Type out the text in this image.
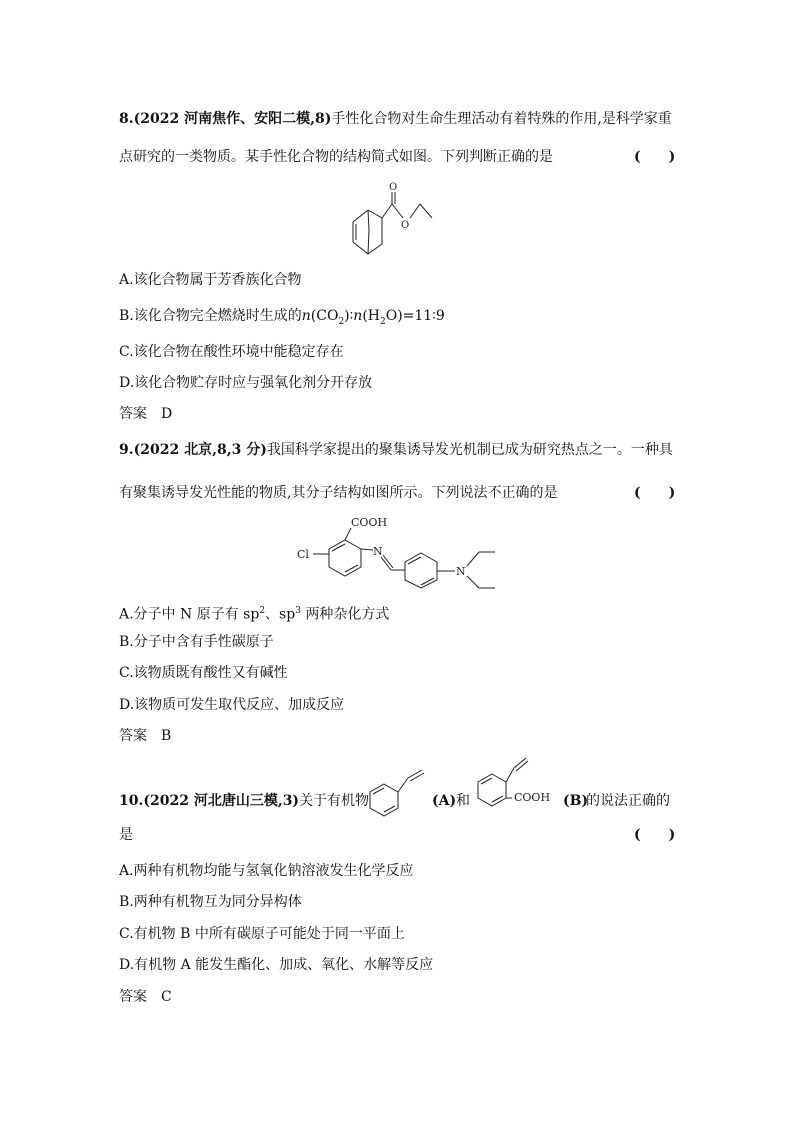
8.(2022 河南焦作、安阳二模,8)手性化合物对生命生理活动有着特殊的作用,是科学家重
点研究的一类物质。某手性化合物的结构简式如图。下列判断正确的是	(　　)
O
O
A.该化合物属于芳香族化合物
B.该化合物完全燃烧时生成的$n(CO_2)∶n(H_2O)=11∶9$
C.该化合物在酸性环境中能稳定存在
D.该化合物贮存时应与强氧化剂分开存放
答案　D
9.(2022 北京,8,3 分)我国科学家提出的聚集诱导发光机制已成为研究热点之一。一种具
有聚集诱导发光性能的物质,其分子结构如图所示。下列说法不正确的是	(　　)
COOH
Cl	N
N
A.分子中 N 原子有 $sp^2$、$sp^3$ 两种杂化方式
B.分子中含有手性碳原子
C.该物质既有酸性又有碱性
D.该物质可发生取代反应、加成反应
答案　B
10.(2022 河北唐山三模,3)关于有机物	(A) 和	COOH (B)
的说法正确的
是	(　　)
A.两种有机物均能与氢氧化钠溶液发生化学反应
B.两种有机物互为同分异构体
C.有机物 B 中所有碳原子可能处于同一平面上
D.有机物 A 能发生酯化、加成、氧化、水解等反应
答案　C
